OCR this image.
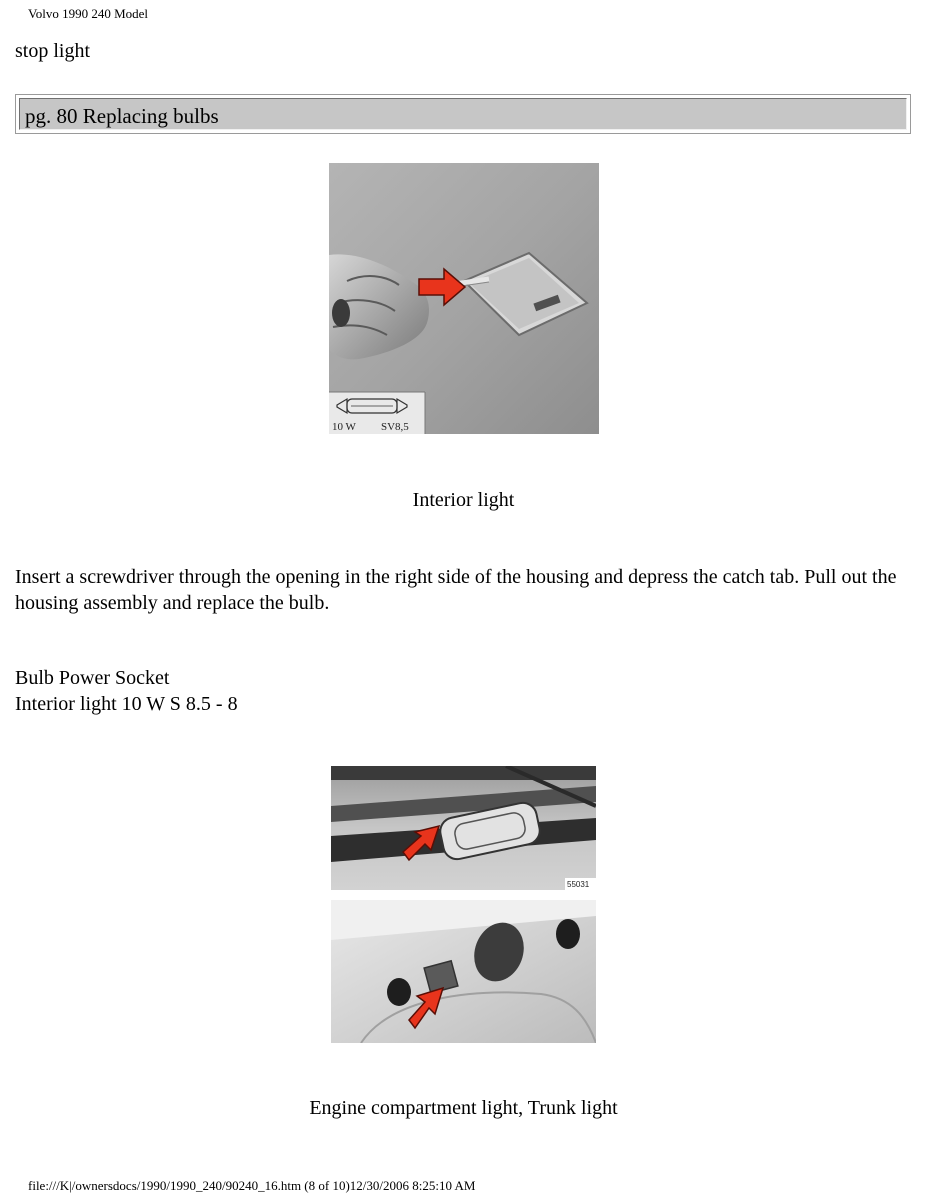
Volvo 1990 240 Model
stop light
pg. 80 Replacing bulbs
10 W SV8,5
Interior light
Insert a screwdriver through the opening in the right side of the housing and depress the catch tab. Pull out the housing assembly and replace the bulb.
Bulb Power Socket
Interior light 10 W S 8.5 - 8
55031
Engine compartment light, Trunk light
file:///K|/ownersdocs/1990/1990_240/90240_16.htm (8 of 10)12/30/2006 8:25:10 AM
